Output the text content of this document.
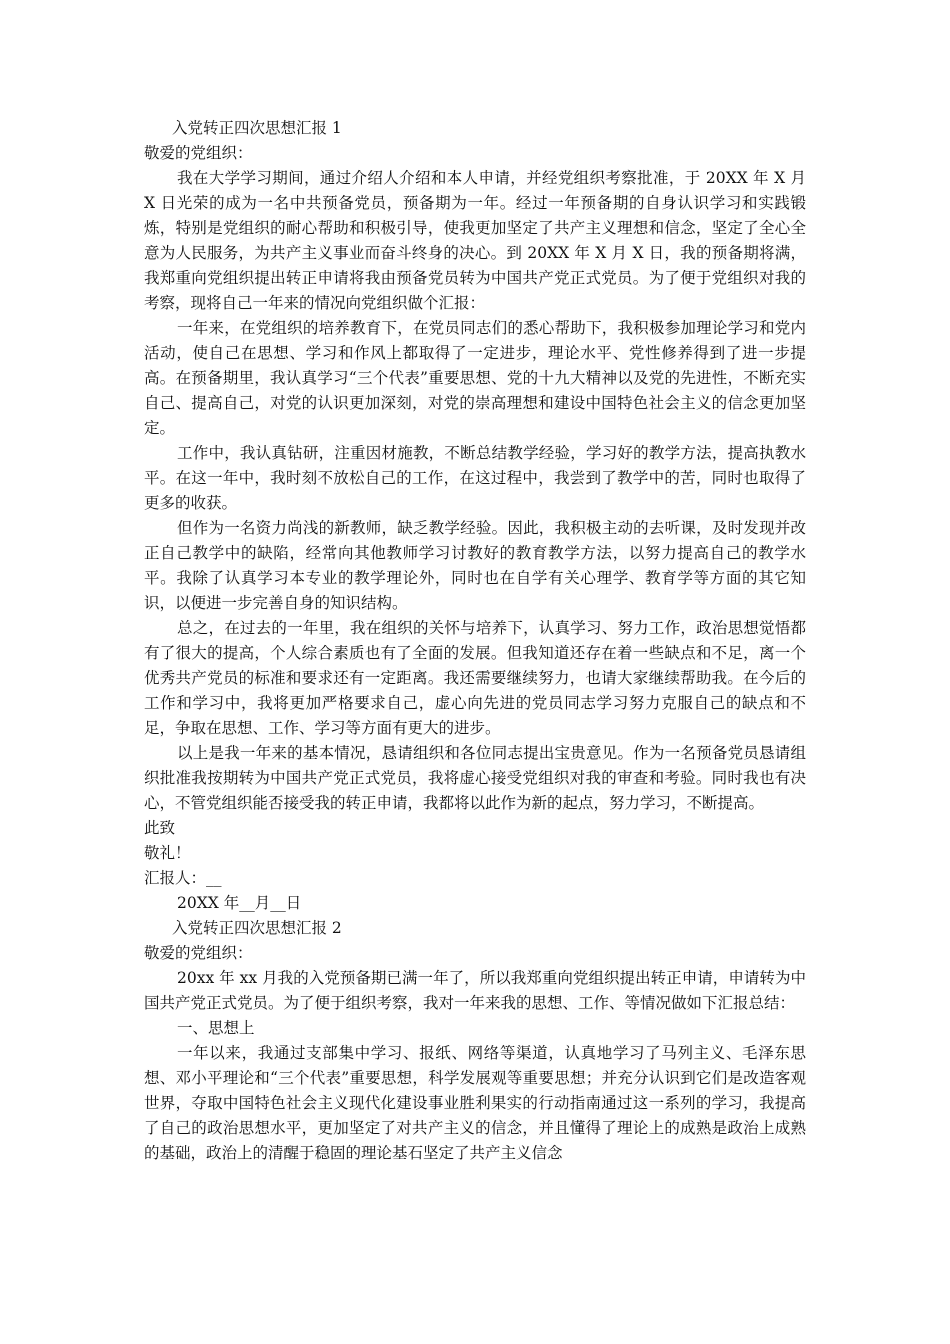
入党转正四次思想汇报 1

敬爱的党组织：

我在大学学习期间，通过介绍人介绍和本人申请，并经党组织考察批准，于 20XX 年 X 月 X 日光荣的成为一名中共预备党员，预备期为一年。经过一年预备期的自身认识学习和实践锻炼，特别是党组织的耐心帮助和积极引导，使我更加坚定了共产主义理想和信念，坚定了全心全意为人民服务，为共产主义事业而奋斗终身的决心。到 20XX 年 X 月 X 日，我的预备期将满，我郑重向党组织提出转正申请将我由预备党员转为中国共产党正式党员。为了便于党组织对我的考察，现将自己一年来的情况向党组织做个汇报：

一年来，在党组织的培养教育下，在党员同志们的悉心帮助下，我积极参加理论学习和党内活动，使自己在思想、学习和作风上都取得了一定进步，理论水平、党性修养得到了进一步提高。在预备期里，我认真学习“三个代表”重要思想、党的十九大精神以及党的先进性，不断充实自己、提高自己，对党的认识更加深刻，对党的崇高理想和建设中国特色社会主义的信念更加坚定。

工作中，我认真钻研，注重因材施教，不断总结教学经验，学习好的教学方法，提高执教水平。在这一年中，我时刻不放松自己的工作，在这过程中，我尝到了教学中的苦，同时也取得了更多的收获。

但作为一名资力尚浅的新教师，缺乏教学经验。因此，我积极主动的去听课，及时发现并改正自己教学中的缺陷，经常向其他教师学习讨教好的教育教学方法，以努力提高自己的教学水平。我除了认真学习本专业的教学理论外，同时也在自学有关心理学、教育学等方面的其它知识，以便进一步完善自身的知识结构。

总之，在过去的一年里，我在组织的关怀与培养下，认真学习、努力工作，政治思想觉悟都有了很大的提高，个人综合素质也有了全面的发展。但我知道还存在着一些缺点和不足，离一个优秀共产党员的标准和要求还有一定距离。我还需要继续努力，也请大家继续帮助我。在今后的工作和学习中，我将更加严格要求自己，虚心向先进的党员同志学习努力克服自己的缺点和不足，争取在思想、工作、学习等方面有更大的进步。

以上是我一年来的基本情况，恳请组织和各位同志提出宝贵意见。作为一名预备党员恳请组织批准我按期转为中国共产党正式党员，我将虚心接受党组织对我的审查和考验。同时我也有决心，不管党组织能否接受我的转正申请，我都将以此作为新的起点，努力学习，不断提高。

此致

敬礼！

汇报人：__

20XX 年__月__日

入党转正四次思想汇报 2

敬爱的党组织：

20xx 年 xx 月我的入党预备期已满一年了，所以我郑重向党组织提出转正申请，申请转为中国共产党正式党员。为了便于组织考察，我对一年来我的思想、工作、等情况做如下汇报总结：

一、思想上

一年以来，我通过支部集中学习、报纸、网络等渠道，认真地学习了马列主义、毛泽东思想、邓小平理论和“三个代表”重要思想，科学发展观等重要思想；并充分认识到它们是改造客观世界，夺取中国特色社会主义现代化建设事业胜利果实的行动指南通过这一系列的学习，我提高了自己的政治思想水平，更加坚定了对共产主义的信念，并且懂得了理论上的成熟是政治上成熟的基础，政治上的清醒于稳固的理论基石坚定了共产主义信念
